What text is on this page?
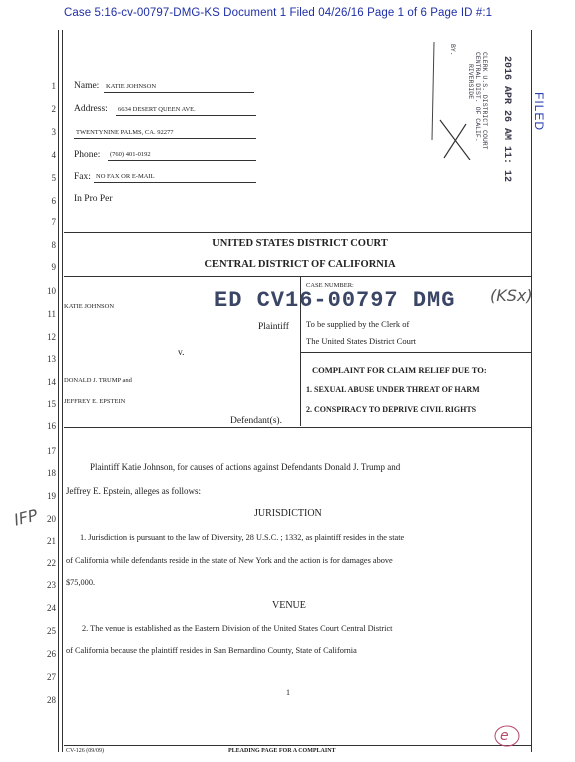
Case 5:16-cv-00797-DMG-KS Document 1 Filed 04/26/16 Page 1 of 6 Page ID #:1
1
2
3
4
5
6
7
8
9
10
11
12
13
14
15
16
17
18
19
20
21
22
23
24
25
26
27
28
Name: KATIE JOHNSON
Address: 6634 DESERT QUEEN AVE.
TWENTYNINE PALMS, CA. 92277
Phone: (760) 401-0192
Fax: NO FAX OR E-MAIL
In Pro Per
UNITED STATES DISTRICT COURT
CENTRAL DISTRICT OF CALIFORNIA
KATIE JOHNSON
Plaintiff
v.
DONALD J. TRUMP and
JEFFREY E. EPSTEIN
Defendant(s).
CASE NUMBER:
ED CV16-00797 DMG (KSx)
To be supplied by the Clerk of
The United States District Court
COMPLAINT FOR CLAIM RELIEF DUE TO:
1. SEXUAL ABUSE UNDER THREAT OF HARM
2. CONSPIRACY TO DEPRIVE CIVIL RIGHTS
Plaintiff Katie Johnson, for causes of actions against Defendants Donald J. Trump and
Jeffrey E. Epstein, alleges as follows:
JURISDICTION
1. Jurisdiction is pursuant to the law of Diversity, 28 U.S.C. ; 1332, as plaintiff resides in the state
of California while defendants reside in the state of New York and the action is for damages above
$75,000.
VENUE
2. The venue is established as the Eastern Division of the United States Court Central District
of California because the plaintiff resides in San Bernardino County, State of California
1
CV-126 (09/09)	PLEADING PAGE FOR A COMPLAINT
2016 APR 26 AM 11: 12
CLERK U.S. DISTRICT COURT
CENTRAL DIST. OF CALIF.
RIVERSIDE
BY.
FILED
IFP
e
